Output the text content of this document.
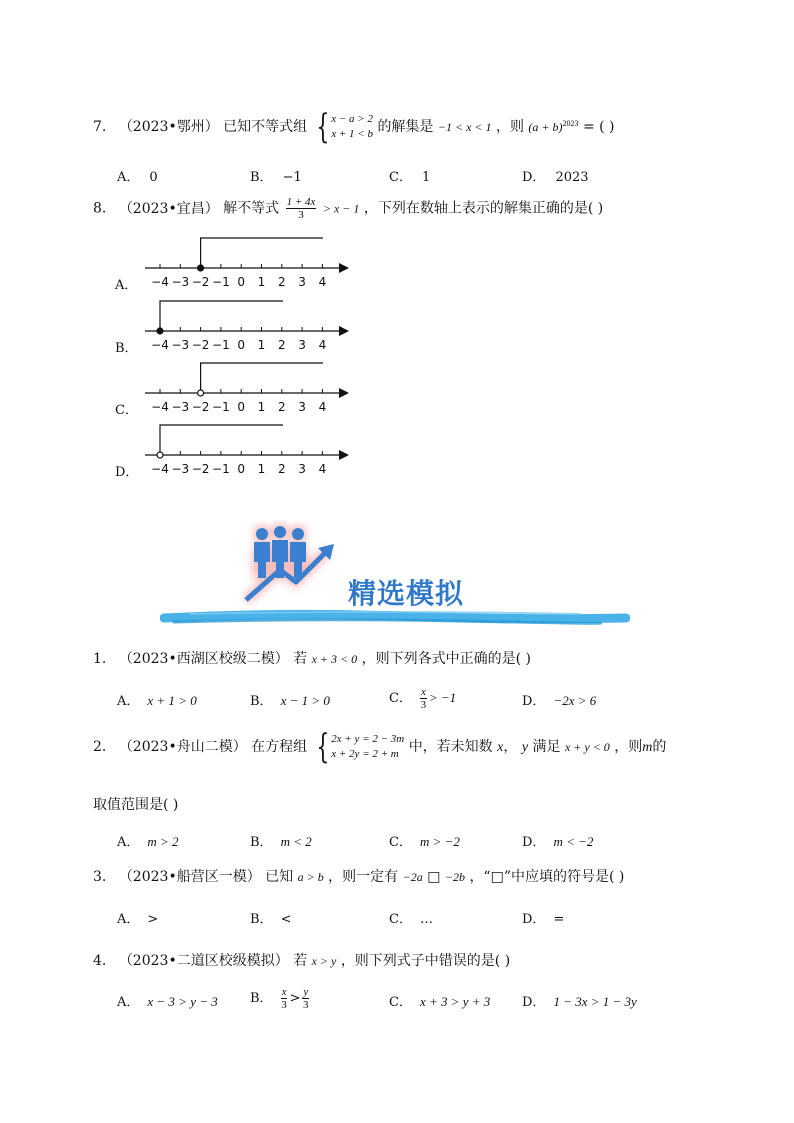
7. （2023•鄂州） 已知不等式组 { x − a > 2
x + 1 < b 的解集是 −1 < x < 1 ，则 $(a + b)^{2023}$ = ( )
A． 0	B． −1	C． 1	D． 2023
8. （2023•宜昌） 解不等式 $\frac{1 + 4x}{3} > x - 1$ ，下列在数轴上表示的解集正确的是( )
A． −4 −3 −2 −1 0 1 2 3 4
B． −4 −3 −2 −1 0 1 2 3 4
C． −4 −3 −2 −1 0 1 2 3 4
D． −4 −3 −2 −1 0 1 2 3 4
精选模拟
1. （2023•西湖区校级二模） 若 x + 3 < 0 ，则下列各式中正确的是( )
A． x + 1 > 0	B． x − 1 > 0	C． $\frac{x}{3} > -1$	D． −2x > 6
2. （2023•舟山二模） 在方程组 { 2x + y = 2 − 3m
x + 2y = 2 + m 中，若未知数 x， y 满足 x + y < 0 ，则m的
取值范围是( )
A． m > 2	B． m < 2	C． m > −2	D． m < −2
3. （2023•船营区一模） 已知 a > b ，则一定有 −2a □ −2b ，“□”中应填的符号是( )
A． >	B． <	C． …	D． =
4. （2023•二道区校级模拟） 若 x > y ，则下列式子中错误的是( )
A． x − 3 > y − 3 B． $\frac{x}{3} > \frac{y}{3}$	C． x + 3 > y + 3 D． 1 − 3x > 1 − 3y
